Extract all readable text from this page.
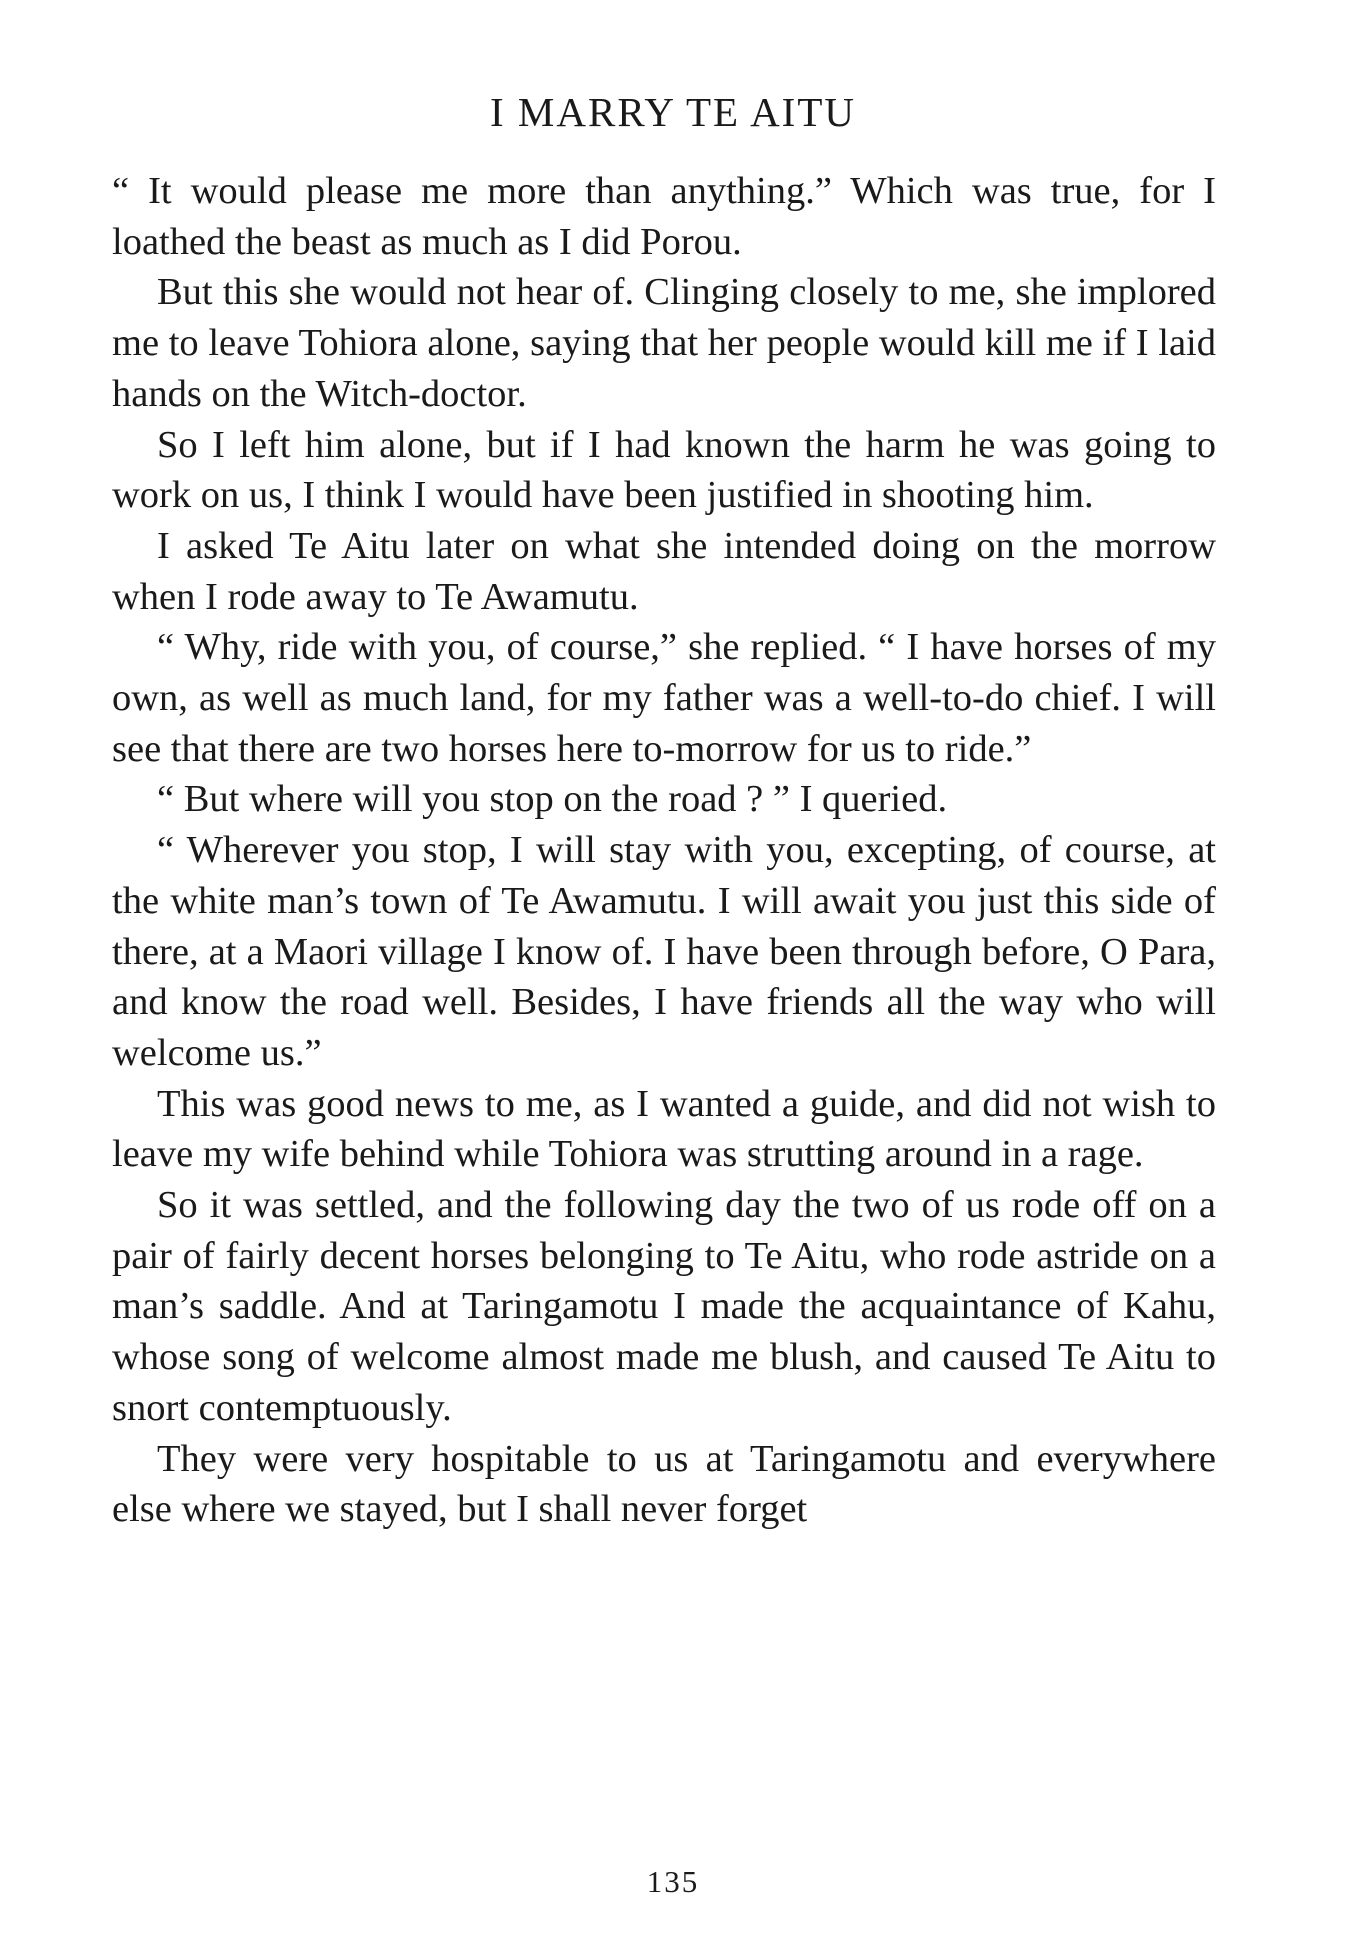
I MARRY TE AITU

“ It would please me more than anything.” Which was true, for I loathed the beast as much as I did Porou.

But this she would not hear of. Clinging closely to me, she implored me to leave Tohiora alone, saying that her people would kill me if I laid hands on the Witch-doctor.

So I left him alone, but if I had known the harm he was going to work on us, I think I would have been justified in shooting him.

I asked Te Aitu later on what she intended doing on the morrow when I rode away to Te Awamutu.

“ Why, ride with you, of course,” she replied. “ I have horses of my own, as well as much land, for my father was a well-to-do chief. I will see that there are two horses here to-morrow for us to ride.”

“ But where will you stop on the road ? ” I queried.

“ Wherever you stop, I will stay with you, excepting, of course, at the white man’s town of Te Awamutu. I will await you just this side of there, at a Maori village I know of. I have been through before, O Para, and know the road well. Besides, I have friends all the way who will welcome us.”

This was good news to me, as I wanted a guide, and did not wish to leave my wife behind while Tohiora was strutting around in a rage.

So it was settled, and the following day the two of us rode off on a pair of fairly decent horses belonging to Te Aitu, who rode astride on a man’s saddle. And at Taringamotu I made the acquaintance of Kahu, whose song of welcome almost made me blush, and caused Te Aitu to snort contemptuously.

They were very hospitable to us at Taringamotu and everywhere else where we stayed, but I shall never forget

135
